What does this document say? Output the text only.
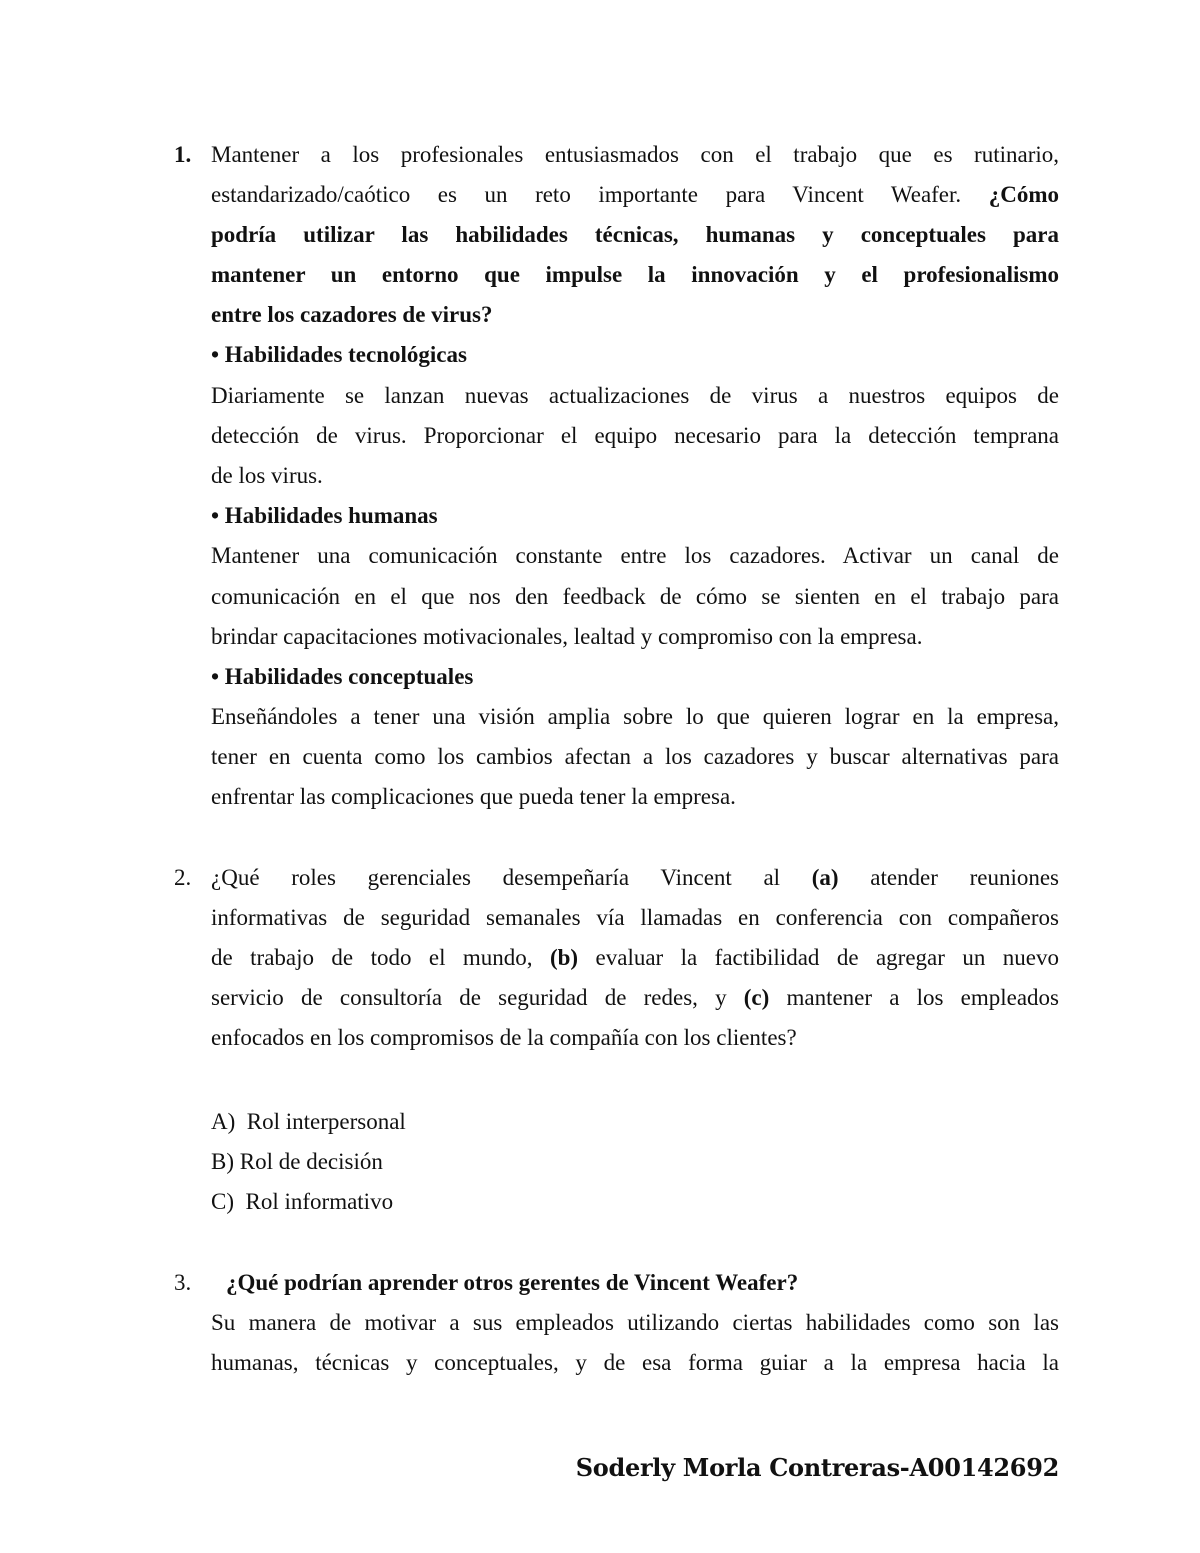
1. Mantener a los profesionales entusiasmados con el trabajo que es rutinario,
estandarizado/caótico es un reto importante para Vincent Weafer. ¿Cómo
podría utilizar las habilidades técnicas, humanas y conceptuales para
mantener un entorno que impulse la innovación y el profesionalismo
entre los cazadores de virus?
• Habilidades tecnológicas
Diariamente se lanzan nuevas actualizaciones de virus a nuestros equipos de
detección de virus. Proporcionar el equipo necesario para la detección temprana
de los virus.
• Habilidades humanas
Mantener una comunicación constante entre los cazadores. Activar un canal de
comunicación en el que nos den feedback de cómo se sienten en el trabajo para
brindar capacitaciones motivacionales, lealtad y compromiso con la empresa.
• Habilidades conceptuales
Enseñándoles a tener una visión amplia sobre lo que quieren lograr en la empresa,
tener en cuenta como los cambios afectan a los cazadores y buscar alternativas para
enfrentar las complicaciones que pueda tener la empresa.
2. ¿Qué roles gerenciales desempeñaría Vincent al (a) atender reuniones
informativas de seguridad semanales vía llamadas en conferencia con compañeros
de trabajo de todo el mundo, (b) evaluar la factibilidad de agregar un nuevo
servicio de consultoría de seguridad de redes, y (c) mantener a los empleados
enfocados en los compromisos de la compañía con los clientes?
A)  Rol interpersonal
B) Rol de decisión
C)  Rol informativo
3. ¿Qué podrían aprender otros gerentes de Vincent Weafer?
Su manera de motivar a sus empleados utilizando ciertas habilidades como son las
humanas, técnicas y conceptuales, y de esa forma guiar a la empresa hacia la
Soderly Morla Contreras-A00142692
